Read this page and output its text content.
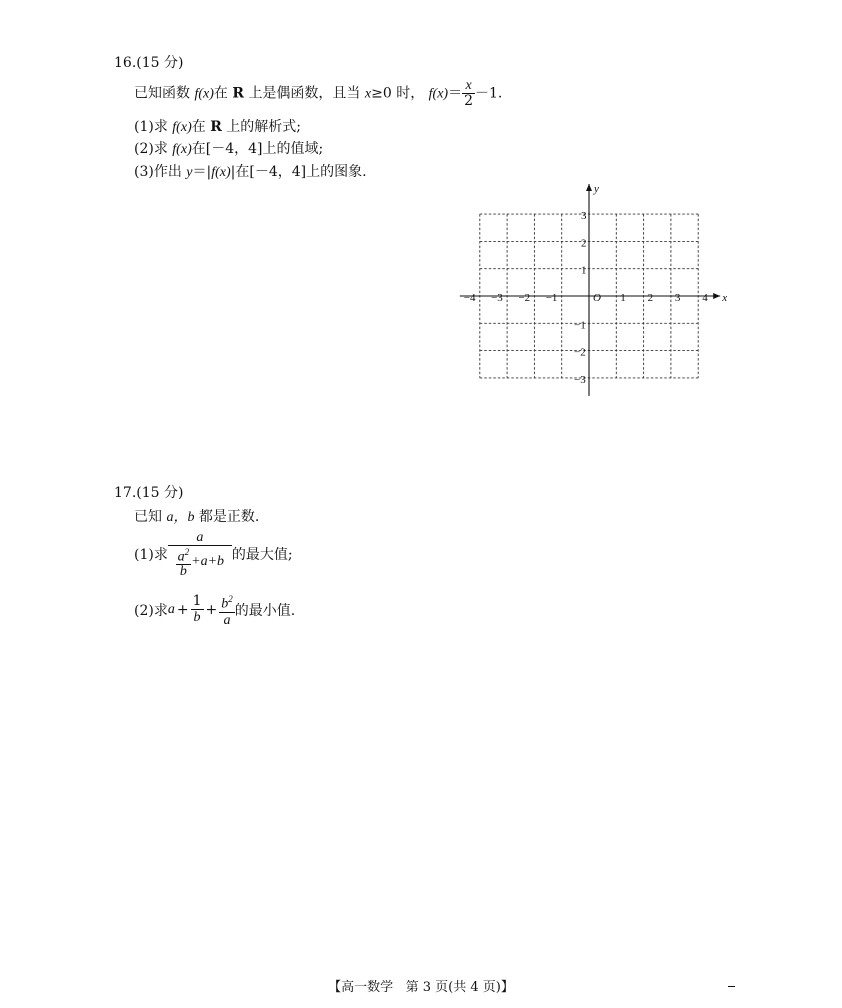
16.(15 分)
已知函数 f(x)在 R 上是偶函数，且当 x≥0 时， $f(x)= \frac{x}{2} -1$.
(1)求 f(x)在 R 上的解析式;
(2)求 f(x)在[－4，4]上的值域;
(3)作出 y＝|f(x)|在[－4，4]上的图象.
−4 −3 −2 −1	1 2 3 4
3
2
1
−1
−2
−3
O	x
y
17.(15 分)
已知 a，b 都是正数.
(1)求 $\frac{a}{\frac{a^2}{b} +a+b}$ 的最大值;
(2)求$a + \frac{1}{b} + \frac{b^2}{a}$ 的最小值.
【高一数学 第 3 页(共 4 页)】
